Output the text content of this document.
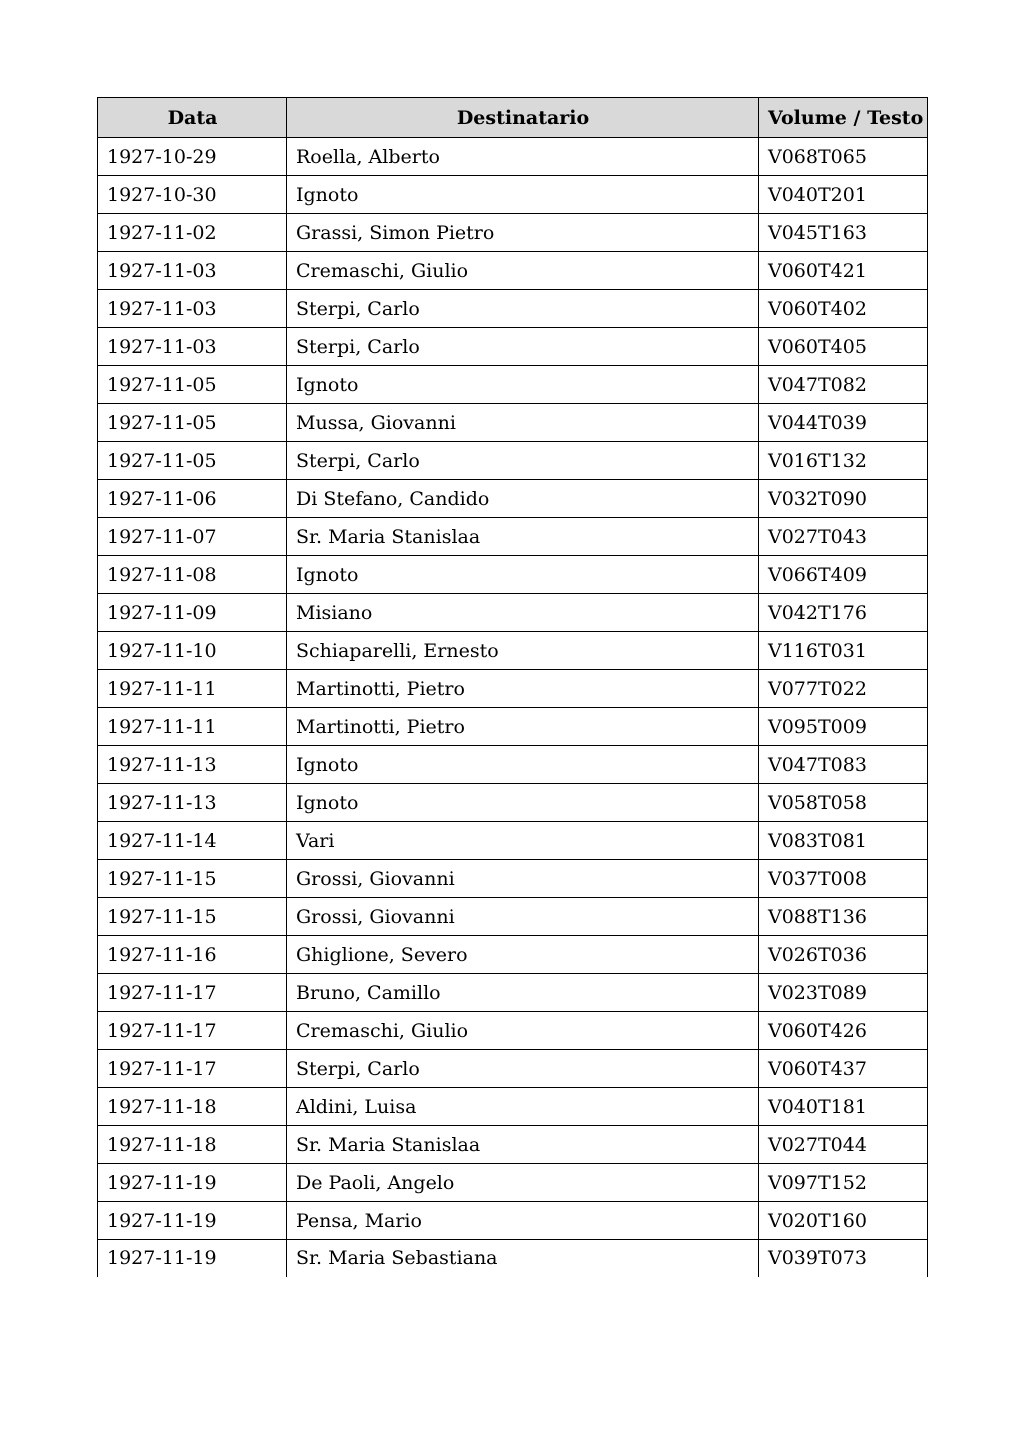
Data	Destinatario	Volume / Testo
1927-10-29	Roella, Alberto	V068T065
1927-10-30	Ignoto	V040T201
1927-11-02	Grassi, Simon Pietro	V045T163
1927-11-03	Cremaschi, Giulio	V060T421
1927-11-03	Sterpi, Carlo	V060T402
1927-11-03	Sterpi, Carlo	V060T405
1927-11-05	Ignoto	V047T082
1927-11-05	Mussa, Giovanni	V044T039
1927-11-05	Sterpi, Carlo	V016T132
1927-11-06	Di Stefano, Candido	V032T090
1927-11-07	Sr. Maria Stanislaa	V027T043
1927-11-08	Ignoto	V066T409
1927-11-09	Misiano	V042T176
1927-11-10	Schiaparelli, Ernesto	V116T031
1927-11-11	Martinotti, Pietro	V077T022
1927-11-11	Martinotti, Pietro	V095T009
1927-11-13	Ignoto	V047T083
1927-11-13	Ignoto	V058T058
1927-11-14	Vari	V083T081
1927-11-15	Grossi, Giovanni	V037T008
1927-11-15	Grossi, Giovanni	V088T136
1927-11-16	Ghiglione, Severo	V026T036
1927-11-17	Bruno, Camillo	V023T089
1927-11-17	Cremaschi, Giulio	V060T426
1927-11-17	Sterpi, Carlo	V060T437
1927-11-18	Aldini, Luisa	V040T181
1927-11-18	Sr. Maria Stanislaa	V027T044
1927-11-19	De Paoli, Angelo	V097T152
1927-11-19	Pensa, Mario	V020T160
1927-11-19	Sr. Maria Sebastiana	V039T073
